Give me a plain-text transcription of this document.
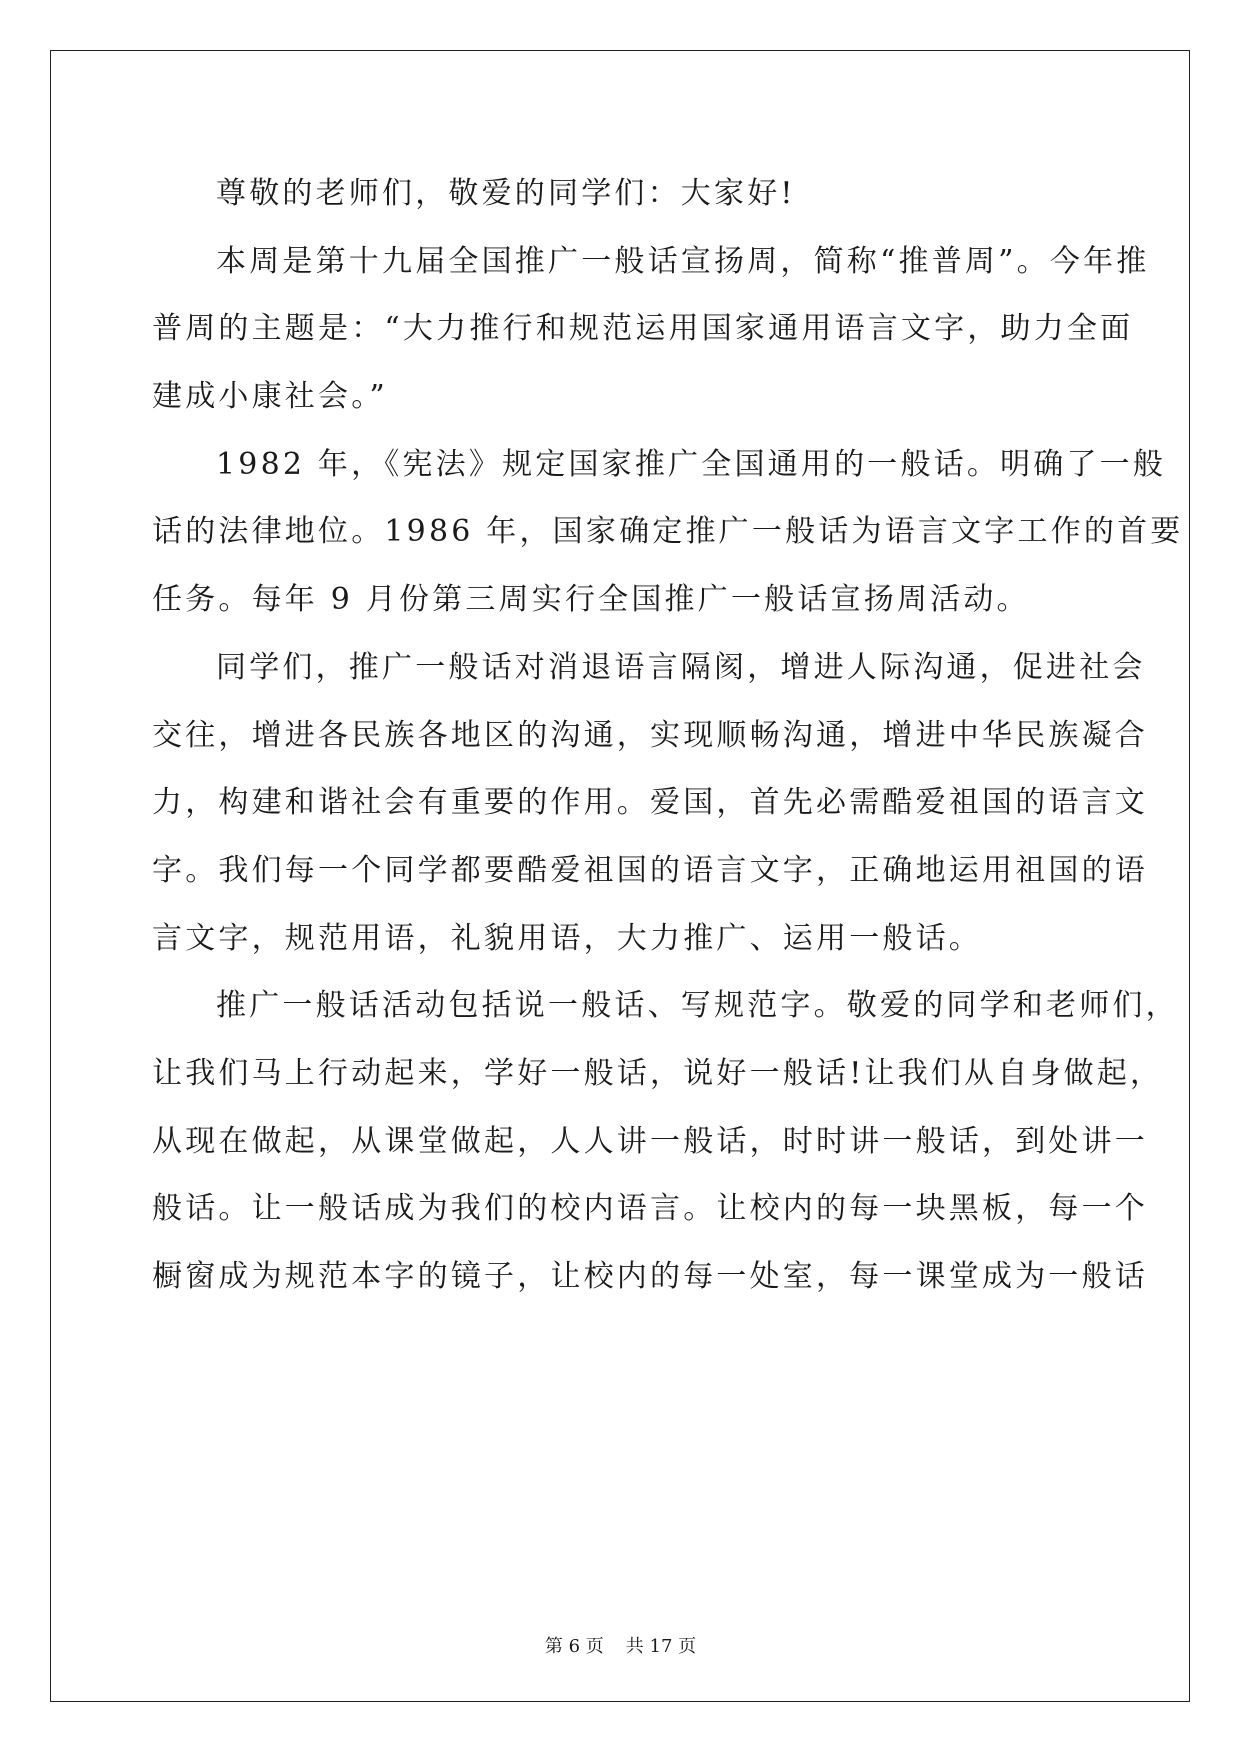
尊敬的老师们，敬爱的同学们：大家好!
本周是第十九届全国推广一般话宣扬周，简称“推普周”。今年推
普周的主题是：“大力推行和规范运用国家通用语言文字，助力全面
建成小康社会。”
1982 年，《宪法》规定国家推广全国通用的一般话。明确了一般
话的法律地位。1986 年，国家确定推广一般话为语言文字工作的首要
任务。每年 9 月份第三周实行全国推广一般话宣扬周活动。
同学们，推广一般话对消退语言隔阂，增进人际沟通，促进社会
交往，增进各民族各地区的沟通，实现顺畅沟通，增进中华民族凝合
力，构建和谐社会有重要的作用。爱国，首先必需酷爱祖国的语言文
字。我们每一个同学都要酷爱祖国的语言文字，正确地运用祖国的语
言文字，规范用语，礼貌用语，大力推广、运用一般话。
推广一般话活动包括说一般话、写规范字。敬爱的同学和老师们，
让我们马上行动起来，学好一般话，说好一般话!让我们从自身做起，
从现在做起，从课堂做起，人人讲一般话，时时讲一般话，到处讲一
般话。让一般话成为我们的校内语言。让校内的每一块黑板，每一个
橱窗成为规范本字的镜子，让校内的每一处室，每一课堂成为一般话
第 6 页 共 17 页
